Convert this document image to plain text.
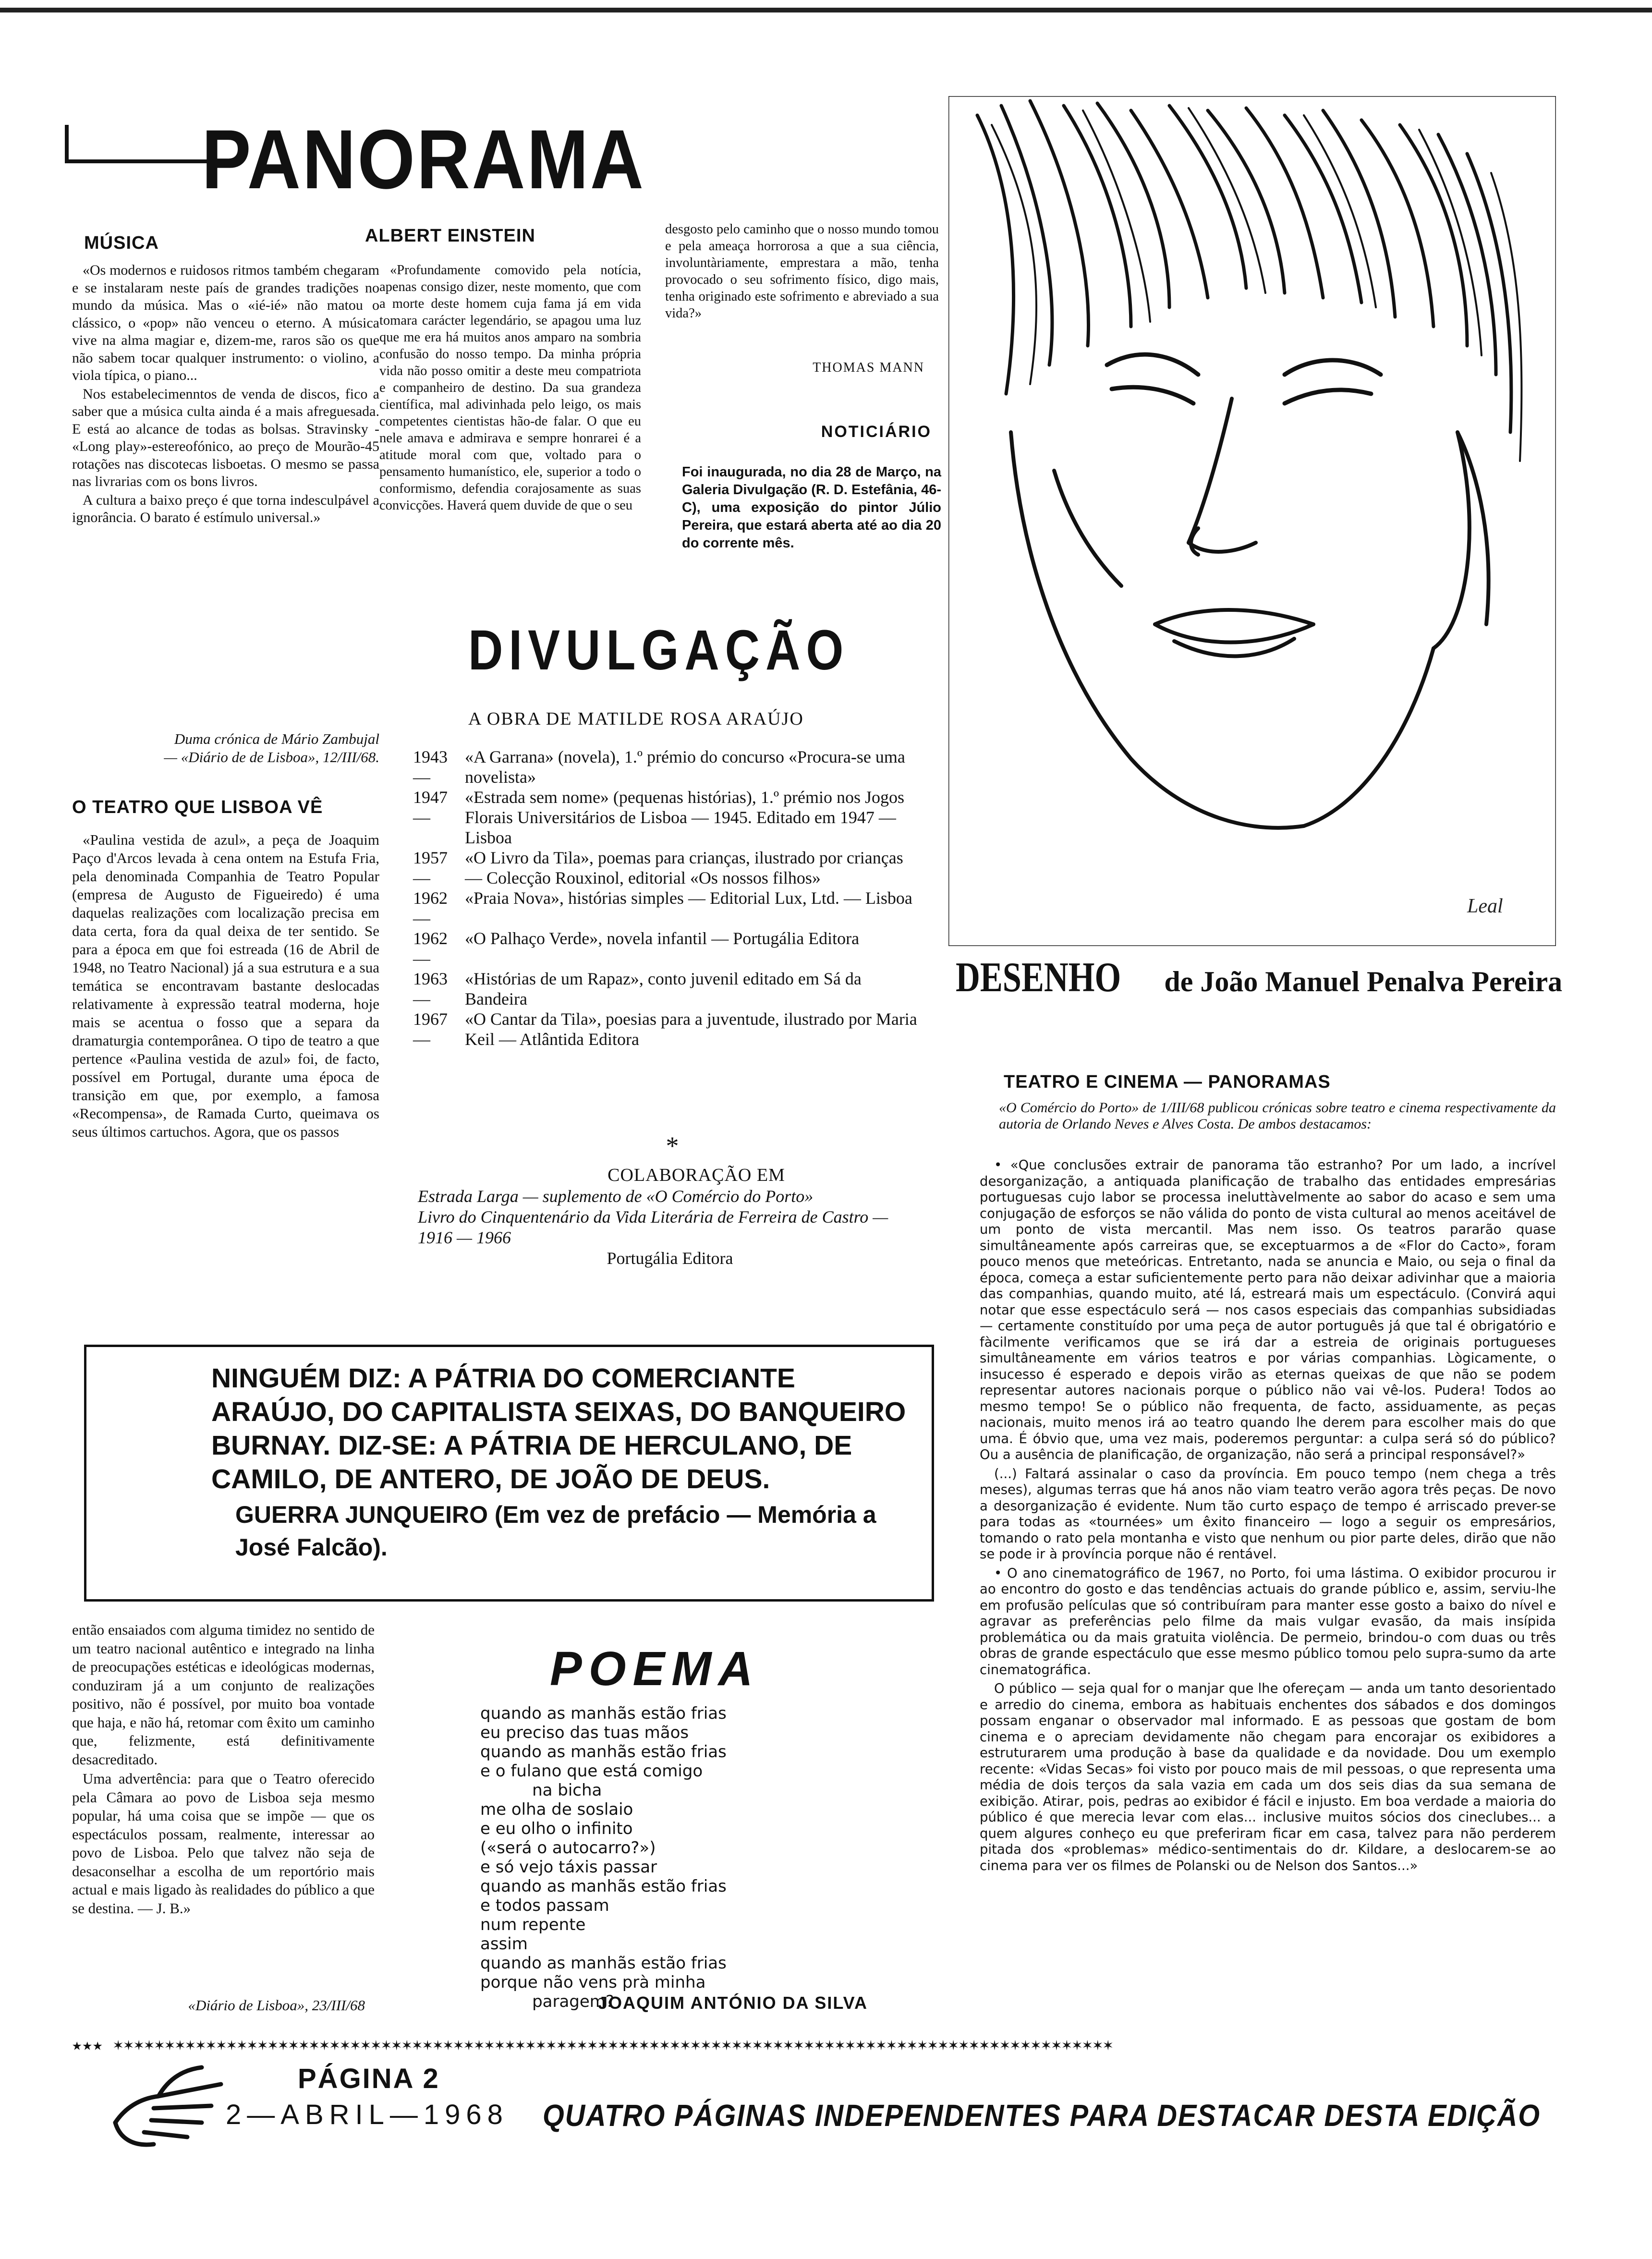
PANORAMA
MÚSICA

«Os modernos e ruidosos ritmos também chegaram e se instalaram neste país de grandes tradições no mundo da música. Mas o «ié-ié» não matou o clássico, o «pop» não venceu o eterno. A música vive na alma magiar e, dizem-me, raros são os que não sabem tocar qualquer instrumento: o violino, a viola típica, o piano...

Nos estabelecimenntos de venda de discos, fico a saber que a música culta ainda é a mais afreguesada. E está ao alcance de todas as bolsas. Stravinsky - «Long play»-estereofónico, ao preço de Mourão-45 rotações nas discotecas lisboetas. O mesmo se passa nas livrarias com os bons livros.

A cultura a baixo preço é que torna indesculpável a ignorância. O barato é estímulo universal.»

Duma crónica de Mário Zambujal — «Diário de de Lisboa», 12/III/68.
O TEATRO QUE LISBOA VÊ

«Paulina vestida de azul», a peça de Joaquim Paço d'Arcos levada à cena ontem na Estufa Fria, pela denominada Companhia de Teatro Popular (empresa de Augusto de Figueiredo) é uma daquelas realizações com localização precisa em data certa, fora da qual deixa de ter sentido. Se para a época em que foi estreada (16 de Abril de 1948, no Teatro Nacional) já a sua estrutura e a sua temática se encontravam bastante deslocadas relativamente à expressão teatral moderna, hoje mais se acentua o fosso que a separa da dramaturgia contemporânea. O tipo de teatro a que pertence «Paulina vestida de azul» foi, de facto, possível em Portugal, durante uma época de transição em que, por exemplo, a famosa «Recompensa», de Ramada Curto, queimava os seus últimos cartuchos. Agora, que os passos

ALBERT EINSTEIN

«Profundamente comovido pela notícia, apenas consigo dizer, neste momento, que com a morte deste homem cuja fama já em vida tomara carácter legendário, se apagou uma luz que me era há muitos anos amparo na sombria confusão do nosso tempo. Da minha própria vida não posso omitir a deste meu compatriota e companheiro de destino. Da sua grandeza científica, mal adivinhada pelo leigo, os mais competentes cientistas hão-de falar. O que eu nele amava e admirava e sempre honrarei é a atitude moral com que, voltado para o pensamento humanístico, ele, superior a todo o conformismo, defendia corajosamente as suas convicções. Haverá quem duvide de que o seu

desgosto pelo caminho que o nosso mundo tomou e pela ameaça horrorosa a que a sua ciência, involuntàriamente, emprestara a mão, tenha provocado o seu sofrimento físico, digo mais, tenha originado este sofrimento e abreviado a sua vida?»
THOMAS MANN
NOTICIÁRIO
Foi inaugurada, no dia 28 de Março, na Galeria Divulgação (R. D. Estefânia, 46-C), uma exposição do pintor Júlio Pereira, que estará aberta até ao dia 20 do corrente mês.
DIVULGAÇÃO
A OBRA DE MATILDE ROSA ARAÚJO
1943 —
«A Garrana» (novela), 1.º prémio do concurso «Procura-se uma novelista»
1947 —
«Estrada sem nome» (pequenas histórias), 1.º prémio nos Jogos Florais Universitários de Lisboa — 1945. Editado em 1947 — Lisboa
1957 —
«O Livro da Tila», poemas para crianças, ilustrado por crianças — Colecção Rouxinol, editorial «Os nossos filhos»
1962 —
«Praia Nova», histórias simples — Editorial Lux, Ltd. — Lisboa
1962 —
«O Palhaço Verde», novela infantil — Portugália Editora
1963 —
«Histórias de um Rapaz», conto juvenil editado em Sá da Bandeira
1967 —
«O Cantar da Tila», poesias para a juventude, ilustrado por Maria Keil — Atlântida Editora
*
COLABORAÇÃO EM
Estrada Larga — suplemento de «O Comércio do Porto»
Livro do Cinquentenário da Vida Literária de Ferreira de Castro — 1916 — 1966
Portugália Editora
NINGUÉM DIZ: A PÁTRIA DO COMERCIANTE ARAÚJO, DO CAPITALISTA SEIXAS, DO BANQUEIRO BURNAY. DIZ-SE: A PÁTRIA DE HERCULANO, DE CAMILO, DE ANTERO, DE JOÃO DE DEUS.
GUERRA JUNQUEIRO (Em vez de prefácio — Memória a José Falcão).

então ensaiados com alguma timidez no sentido de um teatro nacional autêntico e integrado na linha de preocupações estéticas e ideológicas modernas, conduziram já a um conjunto de realizações positivo, não é possível, por muito boa vontade que haja, e não há, retomar com êxito um caminho que, felizmente, está definitivamente desacreditado.

Uma advertência: para que o Teatro oferecido pela Câmara ao povo de Lisboa seja mesmo popular, há uma coisa que se impõe — que os espectáculos possam, realmente, interessar ao povo de Lisboa. Pelo que talvez não seja de desaconselhar a escolha de um reportório mais actual e mais ligado às realidades do público a que se destina. — J. B.»

«Diário de Lisboa», 23/III/68
POEMA
quando as manhãs estão frias
eu preciso das tuas mãos
quando as manhãs estão frias
e o fulano que está comigo
na bicha
me olha de soslaio
e eu olho o infinito
(«será o autocarro?»)
e só vejo táxis passar
quando as manhãs estão frias
e todos passam
num repente
assim
quando as manhãs estão frias
porque não vens prà minha
paragem?
JOAQUIM ANTÓNIO DA SILVA
Leal
DESENHO de João Manuel Penalva Pereira
TEATRO E CINEMA — PANORAMAS
«O Comércio do Porto» de 1/III/68 publicou crónicas sobre teatro e cinema respectivamente da autoria de Orlando Neves e Alves Costa. De ambos destacamos:

• «Que conclusões extrair de panorama tão estranho? Por um lado, a incrível desorganização, a antiquada planificação de trabalho das entidades empresárias portuguesas cujo labor se processa ineluttàvelmente ao sabor do acaso e sem uma conjugação de esforços se não válida do ponto de vista cultural ao menos aceitável de um ponto de vista mercantil. Mas nem isso. Os teatros pararão quase simultâneamente após carreiras que, se exceptuarmos a de «Flor do Cacto», foram pouco menos que meteóricas. Entretanto, nada se anuncia e Maio, ou seja o final da época, começa a estar suficientemente perto para não deixar adivinhar que a maioria das companhias, quando muito, até lá, estreará mais um espectáculo. (Convirá aqui notar que esse espectáculo será — nos casos especiais das companhias subsidiadas — certamente constituído por uma peça de autor português já que tal é obrigatório e fàcilmente verificamos que se irá dar a estreia de originais portugueses simultâneamente em vários teatros e por várias companhias. Lògicamente, o insucesso é esperado e depois virão as eternas queixas de que não se podem representar autores nacionais porque o público não vai vê-los. Pudera! Todos ao mesmo tempo! Se o público não frequenta, de facto, assiduamente, as peças nacionais, muito menos irá ao teatro quando lhe derem para escolher mais do que uma. É óbvio que, uma vez mais, poderemos perguntar: a culpa será só do público? Ou a ausência de planificação, de organização, não será a principal responsável?»

(...) Faltará assinalar o caso da província. Em pouco tempo (nem chega a três meses), algumas terras que há anos não viam teatro verão agora três peças. De novo a desorganização é evidente. Num tão curto espaço de tempo é arriscado prever-se para todas as «tournées» um êxito financeiro — logo a seguir os empresários, tomando o rato pela montanha e visto que nenhum ou pior parte deles, dirão que não se pode ir à província porque não é rentável.

• O ano cinematográfico de 1967, no Porto, foi uma lástima. O exibidor procurou ir ao encontro do gosto e das tendências actuais do grande público e, assim, serviu-lhe em profusão películas que só contribuíram para manter esse gosto a baixo do nível e agravar as preferências pelo filme da mais vulgar evasão, da mais insípida problemática ou da mais gratuita violência. De permeio, brindou-o com duas ou três obras de grande espectáculo que esse mesmo público tomou pelo supra-sumo da arte cinematográfica.

O público — seja qual for o manjar que lhe ofereçam — anda um tanto desorientado e arredio do cinema, embora as habituais enchentes dos sábados e dos domingos possam enganar o observador mal informado. E as pessoas que gostam de bom cinema e o apreciam devidamente não chegam para encorajar os exibidores a estruturarem uma produção à base da qualidade e da novidade. Dou um exemplo recente: «Vidas Secas» foi visto por pouco mais de mil pessoas, o que representa uma média de dois terços da sala vazia em cada um dos seis dias da sua semana de exibição. Atirar, pois, pedras ao exibidor é fácil e injusto. Em boa verdade a maioria do público é que merecia levar com elas... inclusive muitos sócios dos cineclubes... a quem algures conheço eu que preferiram ficar em casa, talvez para não perderem pitada dos «problemas» médico-sentimentais do dr. Kildare, a deslocarem-se ao cinema para ver os filmes de Polanski ou de Nelson dos Santos...»

★★★ ✶✶✶✶✶✶✶✶✶✶✶✶✶✶✶✶✶✶✶✶✶✶✶✶✶✶✶✶✶✶✶✶✶✶✶✶✶✶✶✶✶✶✶✶✶✶✶✶✶✶✶✶✶✶✶✶✶✶✶✶✶✶✶✶✶✶✶✶✶✶✶✶✶✶✶✶✶✶✶✶✶✶✶✶✶✶✶✶✶✶✶✶✶✶✶✶✶
PÁGINA 2
2—ABRIL—1968 QUATRO PÁGINAS INDEPENDENTES PARA DESTACAR DESTA EDIÇÃO
